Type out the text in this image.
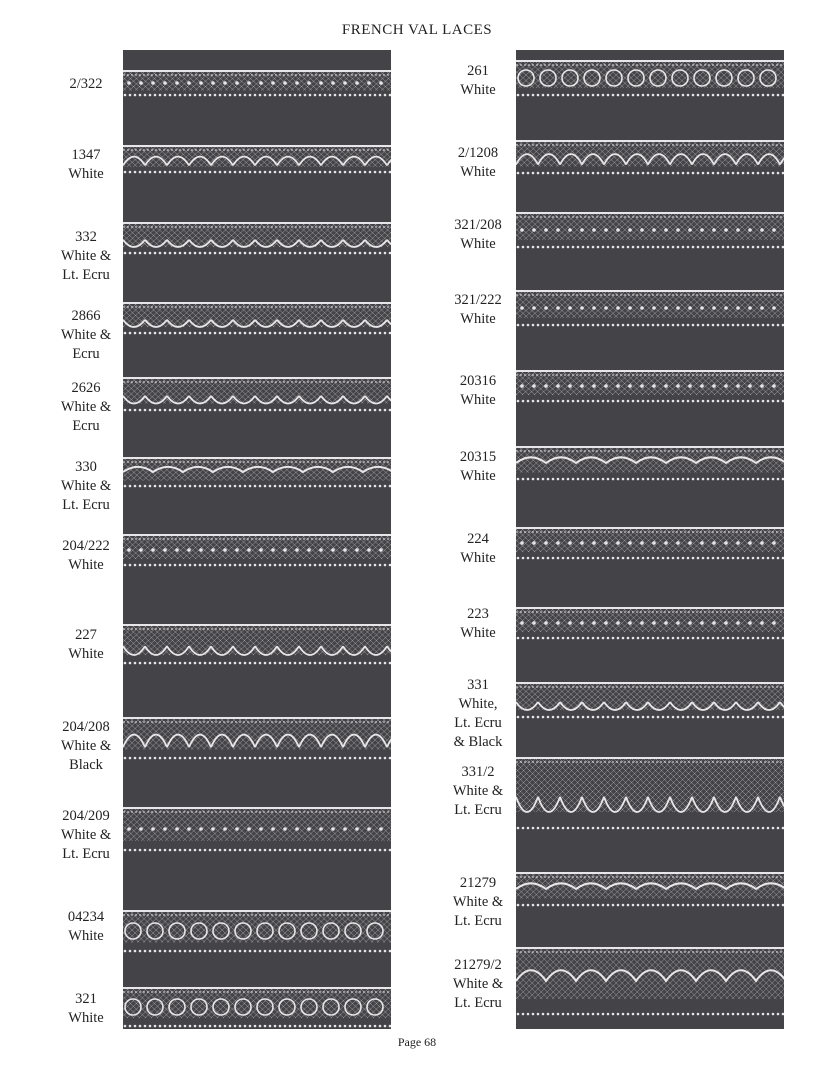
FRENCH VAL LACES
2/322
1347
White
332
White &
Lt. Ecru
2866
White &
Ecru
2626
White &
Ecru
330
White &
Lt. Ecru
204/222
White
227
White
204/208
White &
Black
204/209
White &
Lt. Ecru
04234
White
321
White
261
White
2/1208
White
321/208
White
321/222
White
20316
White
20315
White
224
White
223
White
331
White,
Lt. Ecru
& Black
331/2
White &
Lt. Ecru
21279
White &
Lt. Ecru
21279/2
White &
Lt. Ecru
Page 68
